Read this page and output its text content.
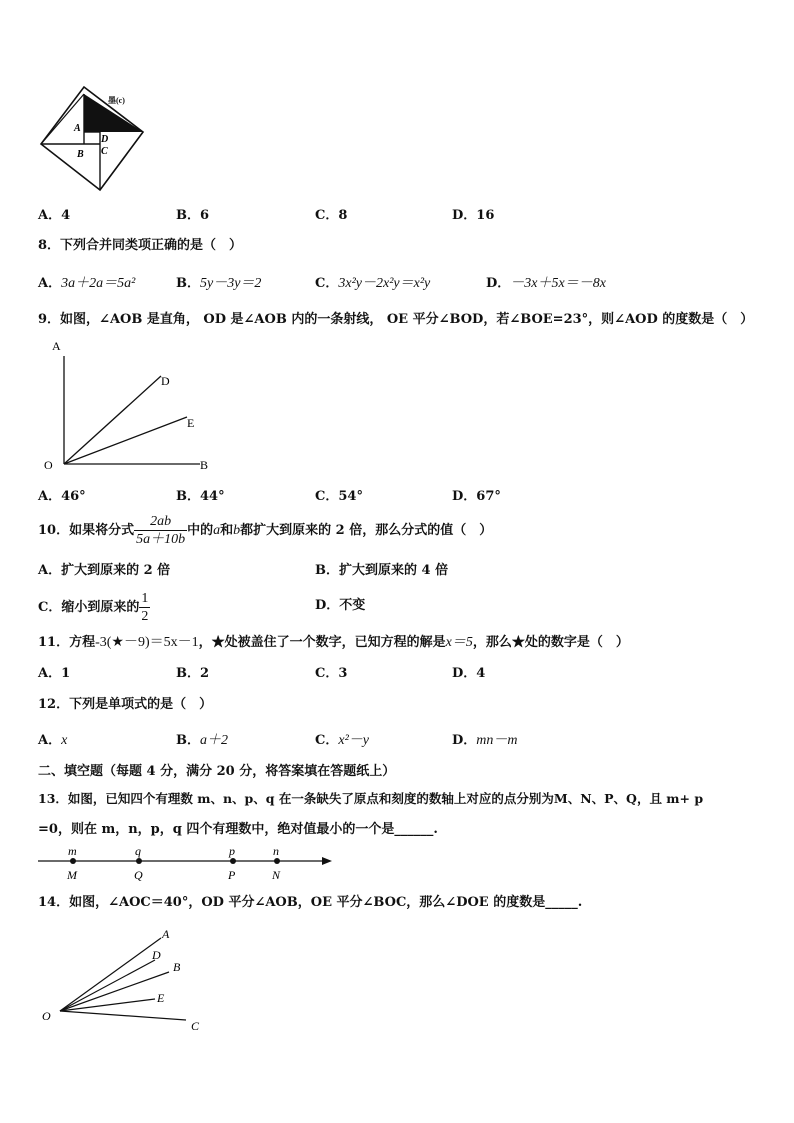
墨(c)
A
B
D
C
A．4	B．6	C．8	D．16
8．下列合并同类项正确的是（　）
A．3a＋2a＝5a²	B．5y－3y＝2	C．3x²y－2x²y＝x²y	D．－3x＋5x＝－8x
9．如图，∠AOB 是直角， OD 是∠AOB 内的一条射线， OE 平分∠BOD，若∠BOE=23°，则∠AOD 的度数是（　）
A
D
E
O	B
A．46°	B．44°	C．54°	D．67°
10．如果将分式 $\frac{2ab}{5a+10b}$ 中的a和b都扩大到原来的 2 倍，那么分式的值（　）
A．扩大到原来的 2 倍	B．扩大到原来的 4 倍
C．缩小到原来的 $\frac{1}{2}$	D．不变
11．方程-3(★－9)＝5x－1，★处被盖住了一个数字，已知方程的解是x＝5，那么★处的数字是（　）
A．1	B．2	C．3	D．4
12．下列是单项式的是（　）
A．x	B．a＋2	C．x²－y	D．mn－m
二、填空题（每题 4 分，满分 20 分，将答案填在答题纸上）
13．如图，已知四个有理数 m、n、p、q 在一条缺失了原点和刻度的数轴上对应的点分别为M、N、P、Q，且 m+ p
=0，则在 m，n，p，q 四个有理数中，绝对值最小的一个是______.
m	q	p	n
M	Q	P	N
14．如图，∠AOC＝40°，OD 平分∠AOB，OE 平分∠BOC，那么∠DOE 的度数是_____.
A
D
B
E
O
C
